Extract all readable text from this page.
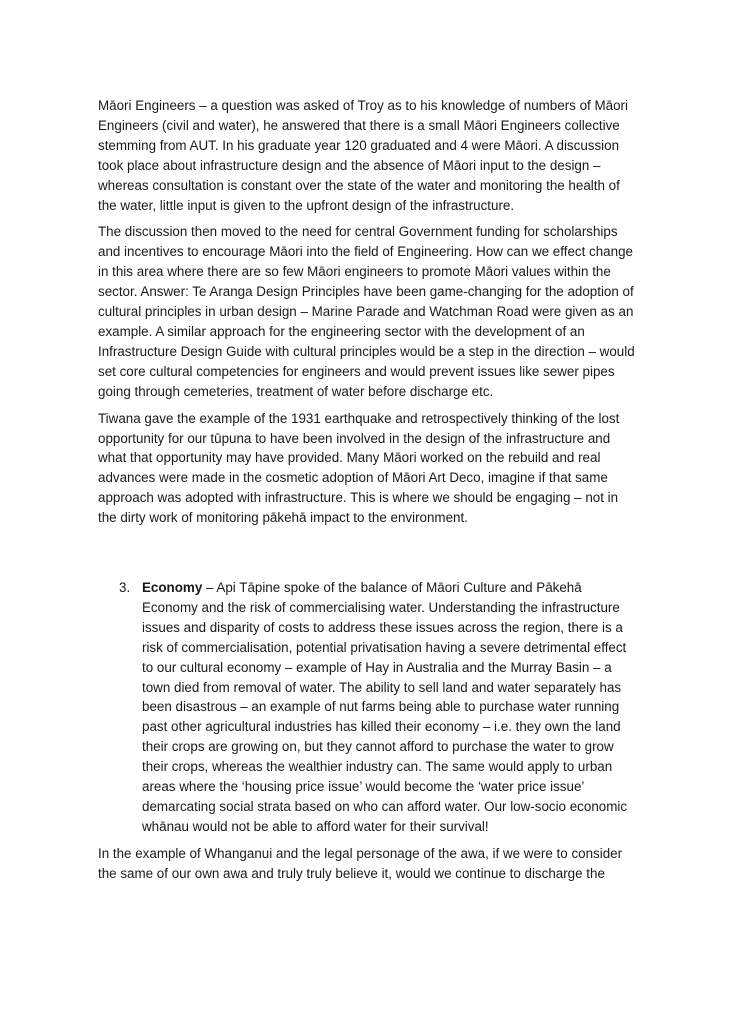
Māori Engineers – a question was asked of Troy as to his knowledge of numbers of Māori Engineers (civil and water), he answered that there is a small Māori Engineers collective stemming from AUT. In his graduate year 120 graduated and 4 were Māori. A discussion took place about infrastructure design and the absence of Māori input to the design – whereas consultation is constant over the state of the water and monitoring the health of the water, little input is given to the upfront design of the infrastructure.

The discussion then moved to the need for central Government funding for scholarships and incentives to encourage Māori into the field of Engineering. How can we effect change in this area where there are so few Māori engineers to promote Māori values within the sector. Answer: Te Aranga Design Principles have been game-changing for the adoption of cultural principles in urban design – Marine Parade and Watchman Road were given as an example. A similar approach for the engineering sector with the development of an Infrastructure Design Guide with cultural principles would be a step in the direction – would set core cultural competencies for engineers and would prevent issues like sewer pipes going through cemeteries, treatment of water before discharge etc.

Tiwana gave the example of the 1931 earthquake and retrospectively thinking of the lost opportunity for our tūpuna to have been involved in the design of the infrastructure and what that opportunity may have provided. Many Māori worked on the rebuild and real advances were made in the cosmetic adoption of Māori Art Deco, imagine if that same approach was adopted with infrastructure. This is where we should be engaging – not in the dirty work of monitoring pākehā impact to the environment.

3. Economy – Api Tāpine spoke of the balance of Māori Culture and Pākehā Economy and the risk of commercialising water. Understanding the infrastructure issues and disparity of costs to address these issues across the region, there is a risk of commercialisation, potential privatisation having a severe detrimental effect to our cultural economy – example of Hay in Australia and the Murray Basin – a town died from removal of water. The ability to sell land and water separately has been disastrous – an example of nut farms being able to purchase water running past other agricultural industries has killed their economy – i.e. they own the land their crops are growing on, but they cannot afford to purchase the water to grow their crops, whereas the wealthier industry can. The same would apply to urban areas where the ‘housing price issue’ would become the ‘water price issue’ demarcating social strata based on who can afford water. Our low-socio economic whānau would not be able to afford water for their survival!

In the example of Whanganui and the legal personage of the awa, if we were to consider the same of our own awa and truly truly believe it, would we continue to discharge the
